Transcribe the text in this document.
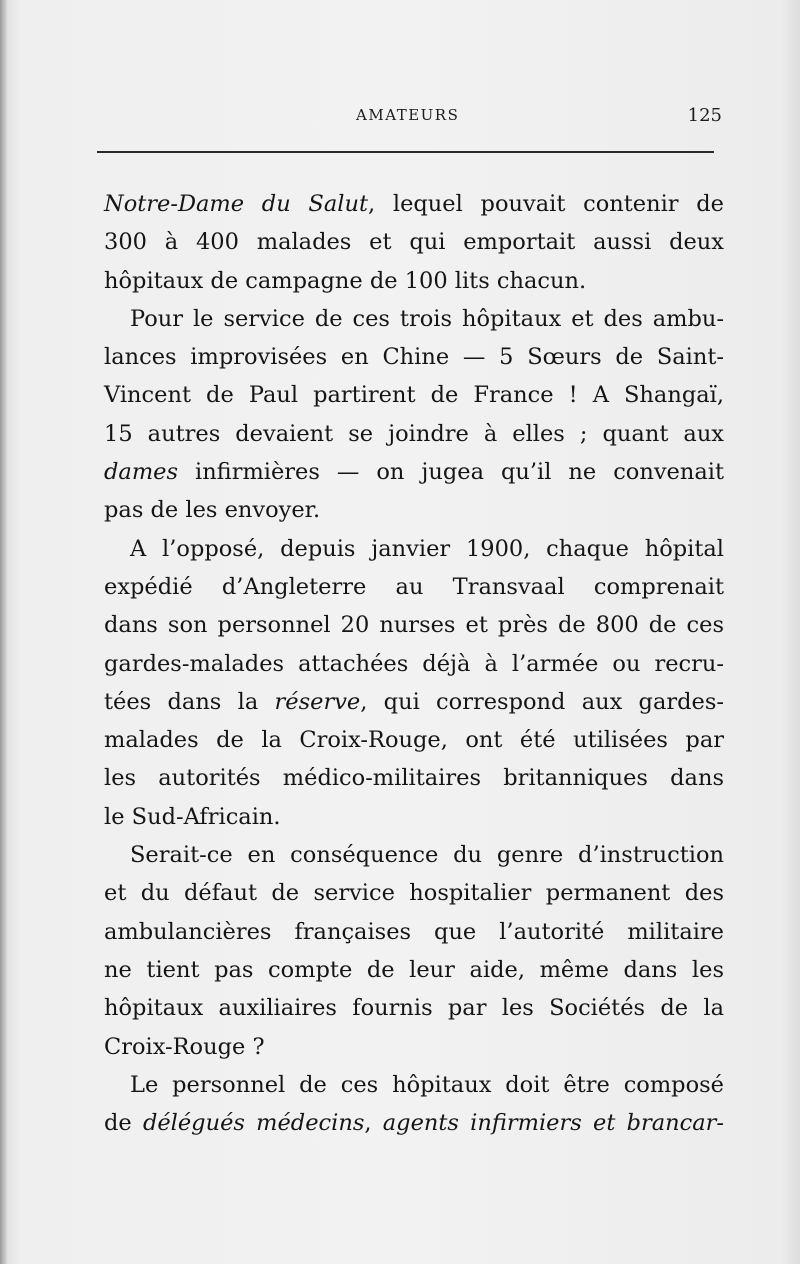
AMATEURS	125
Notre-Dame du Salut, lequel pouvait contenir de
300 à 400 malades et qui emportait aussi deux
hôpitaux de campagne de 100 lits chacun.
Pour le service de ces trois hôpitaux et des ambu-
lances improvisées en Chine — 5 Sœurs de Saint-
Vincent de Paul partirent de France ! A Shangaï,
15 autres devaient se joindre à elles ; quant aux
dames infirmières — on jugea qu’il ne convenait
pas de les envoyer.
A l’opposé, depuis janvier 1900, chaque hôpital
expédié d’Angleterre au Transvaal comprenait
dans son personnel 20 nurses et près de 800 de ces
gardes-malades attachées déjà à l’armée ou recru-
tées dans la réserve, qui correspond aux gardes-
malades de la Croix-Rouge, ont été utilisées par
les autorités médico-militaires britanniques dans
le Sud-Africain.
Serait-ce en conséquence du genre d’instruction
et du défaut de service hospitalier permanent des
ambulancières françaises que l’autorité militaire
ne tient pas compte de leur aide, même dans les
hôpitaux auxiliaires fournis par les Sociétés de la
Croix-Rouge ?
Le personnel de ces hôpitaux doit être composé
de délégués médecins, agents infirmiers et brancar-
